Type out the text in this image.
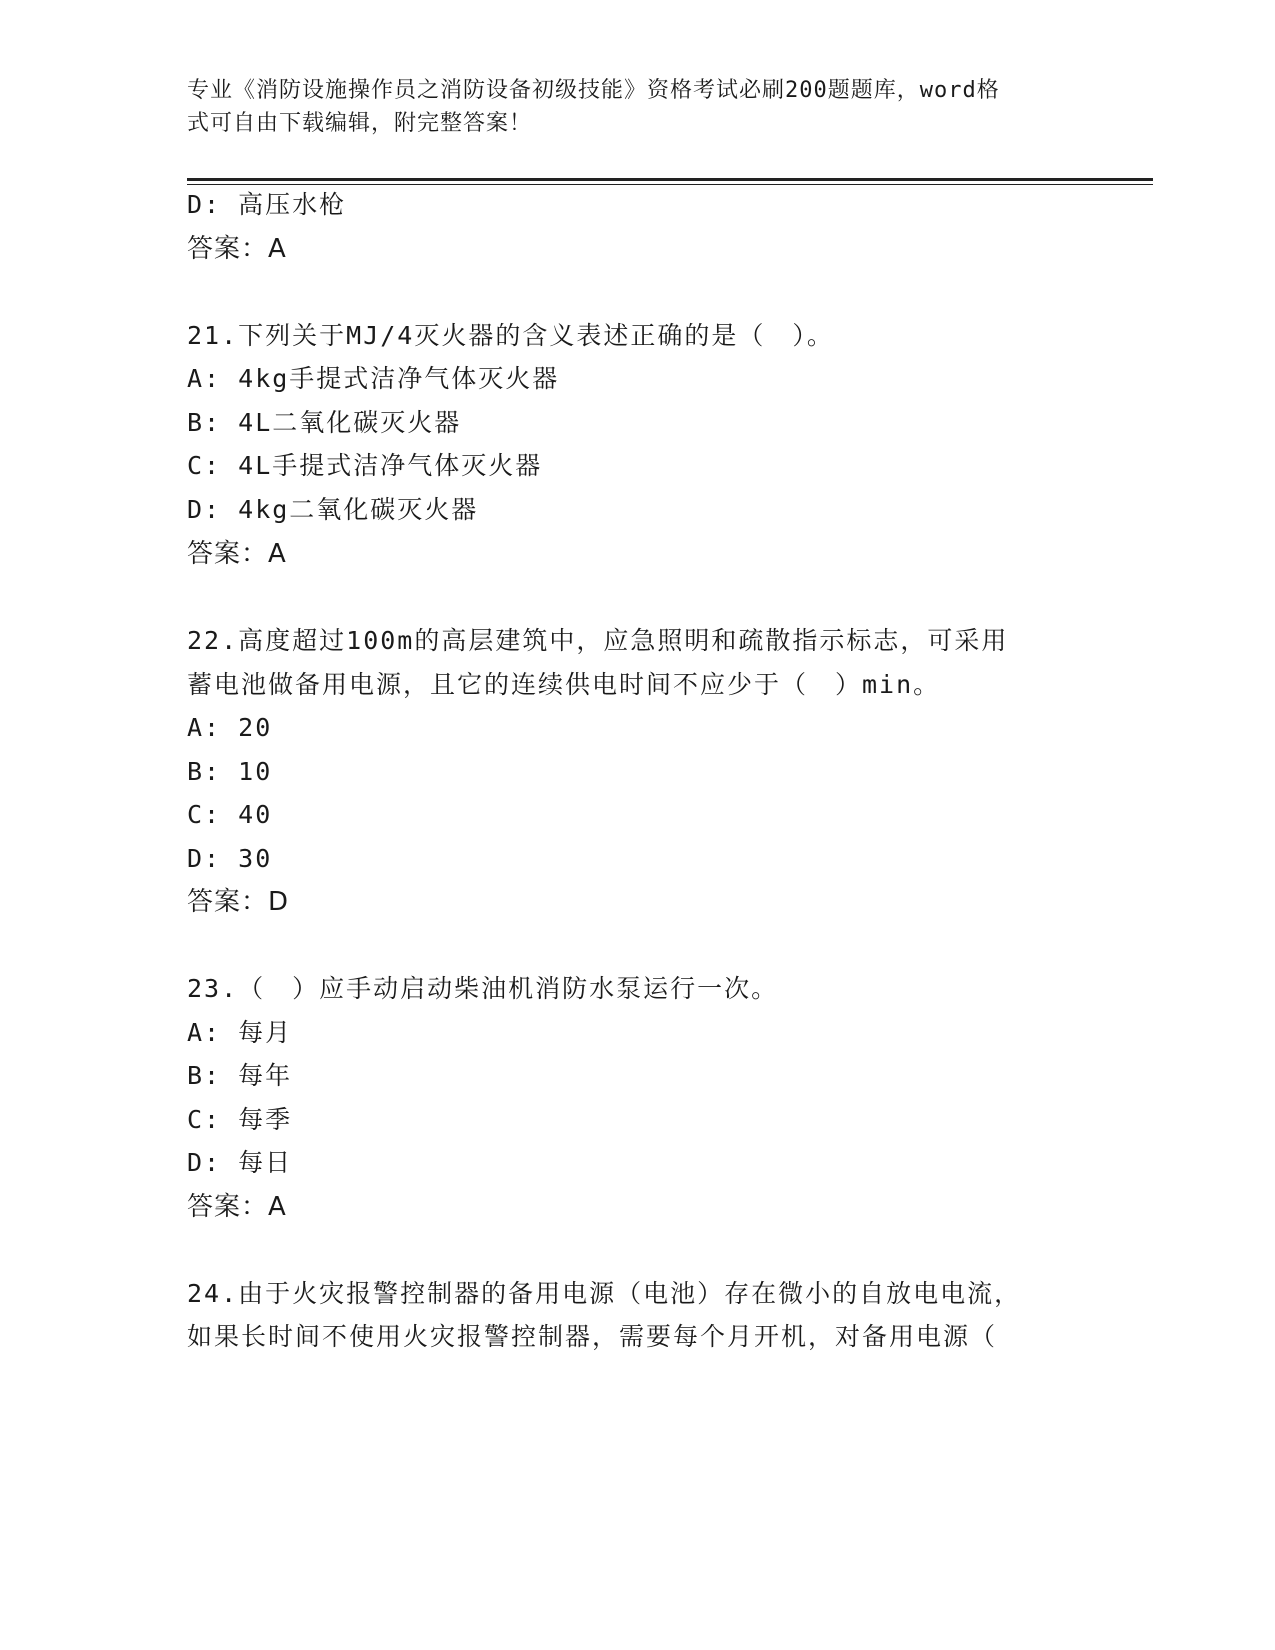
专业《消防设施操作员之消防设备初级技能》资格考试必刷200题题库，word格
式可自由下载编辑，附完整答案！
D: 高压水枪
答案：A
21.下列关于MJ/4灭火器的含义表述正确的是（　）。
A: 4kg手提式洁净气体灭火器
B: 4L二氧化碳灭火器
C: 4L手提式洁净气体灭火器
D: 4kg二氧化碳灭火器
答案：A
22.高度超过100m的高层建筑中，应急照明和疏散指示标志，可采用
蓄电池做备用电源，且它的连续供电时间不应少于（　）min。
A: 20
B: 10
C: 40
D: 30
答案：D
23.（　）应手动启动柴油机消防水泵运行一次。
A: 每月
B: 每年
C: 每季
D: 每日
答案：A
24.由于火灾报警控制器的备用电源（电池）存在微小的自放电电流，
如果长时间不使用火灾报警控制器，需要每个月开机，对备用电源（
